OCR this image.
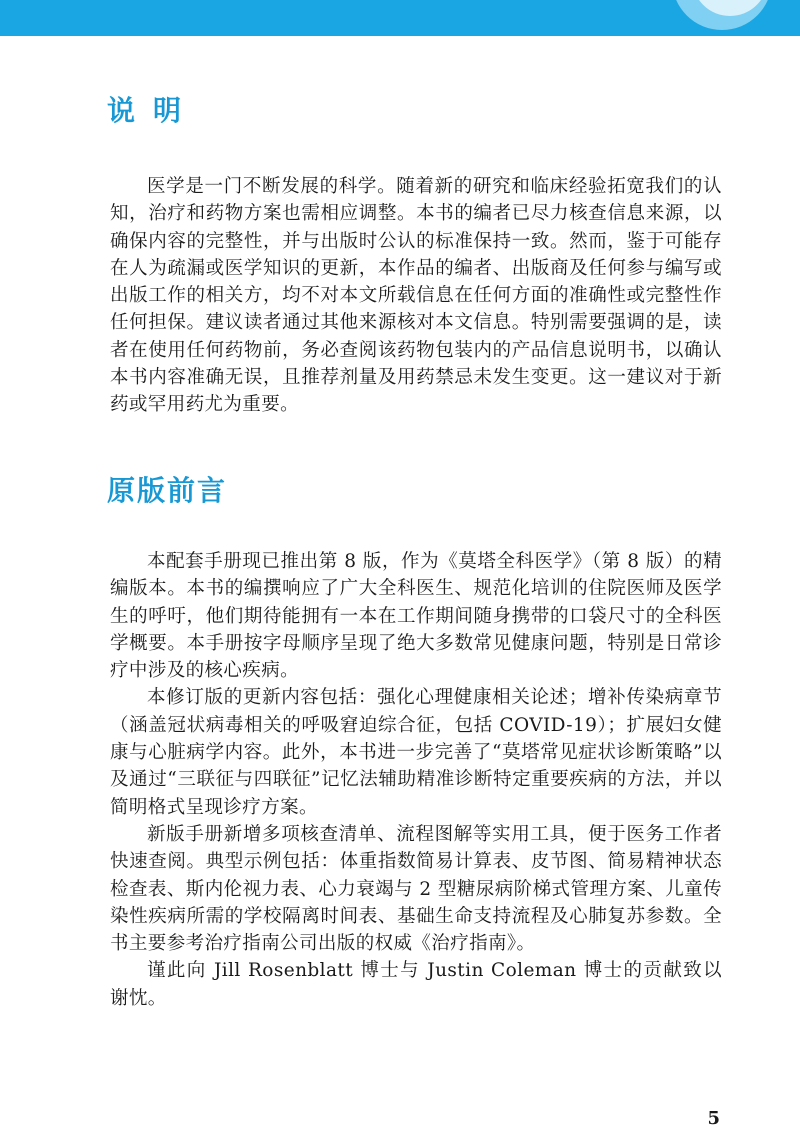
说明

医学是一门不断发展的科学。随着新的研究和临床经验拓宽我们的认知，治疗和药物方案也需相应调整。本书的编者已尽力核查信息来源，以确保内容的完整性，并与出版时公认的标准保持一致。然而，鉴于可能存在人为疏漏或医学知识的更新，本作品的编者、出版商及任何参与编写或出版工作的相关方，均不对本文所载信息在任何方面的准确性或完整性作任何担保。建议读者通过其他来源核对本文信息。特别需要强调的是，读者在使用任何药物前，务必查阅该药物包装内的产品信息说明书，以确认本书内容准确无误，且推荐剂量及用药禁忌未发生变更。这一建议对于新药或罕用药尤为重要。

原版前言

本配套手册现已推出第 8 版，作为《莫塔全科医学》（第 8 版）的精编版本。本书的编撰响应了广大全科医生、规范化培训的住院医师及医学生的呼吁，他们期待能拥有一本在工作期间随身携带的口袋尺寸的全科医学概要。本手册按字母顺序呈现了绝大多数常见健康问题，特别是日常诊疗中涉及的核心疾病。

本修订版的更新内容包括：强化心理健康相关论述；增补传染病章节（涵盖冠状病毒相关的呼吸窘迫综合征，包括 COVID-19）；扩展妇女健康与心脏病学内容。此外，本书进一步完善了“莫塔常见症状诊断策略”以及通过“三联征与四联征”记忆法辅助精准诊断特定重要疾病的方法，并以简明格式呈现诊疗方案。

新版手册新增多项核查清单、流程图解等实用工具，便于医务工作者快速查阅。典型示例包括：体重指数简易计算表、皮节图、简易精神状态检查表、斯内伦视力表、心力衰竭与 2 型糖尿病阶梯式管理方案、儿童传染性疾病所需的学校隔离时间表、基础生命支持流程及心肺复苏参数。全书主要参考治疗指南公司出版的权威《治疗指南》。

谨此向 Jill Rosenblatt 博士与 Justin Coleman 博士的贡献致以谢忱。

5
